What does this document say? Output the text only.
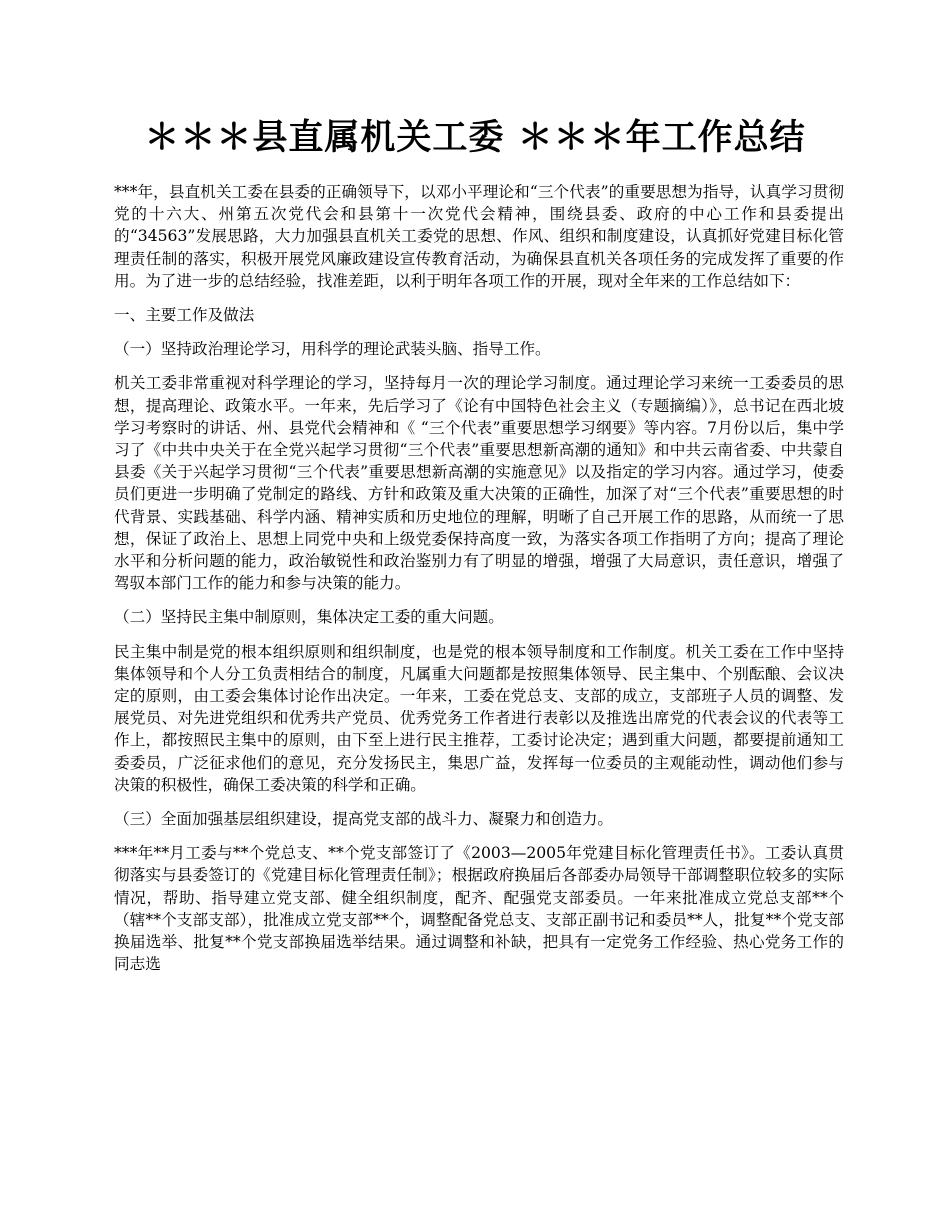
＊＊＊县直属机关工委 ＊＊＊年工作总结

***年，县直机关工委在县委的正确领导下，以邓小平理论和“三个代表”的重要思想为指导，认真学习贯彻党的十六大、州第五次党代会和县第十一次党代会精神，围绕县委、政府的中心工作和县委提出的“34563”发展思路，大力加强县直机关工委党的思想、作风、组织和制度建设，认真抓好党建目标化管理责任制的落实，积极开展党风廉政建设宣传教育活动，为确保县直机关各项任务的完成发挥了重要的作用。为了进一步的总结经验，找准差距，以利于明年各项工作的开展，现对全年来的工作总结如下：

一、主要工作及做法

（一）坚持政治理论学习，用科学的理论武装头脑、指导工作。

机关工委非常重视对科学理论的学习，坚持每月一次的理论学习制度。通过理论学习来统一工委委员的思想，提高理论、政策水平。一年来，先后学习了《论有中国特色社会主义（专题摘编）》，总书记在西北坡学习考察时的讲话、州、县党代会精神和《 “三个代表”重要思想学习纲要》等内容。7月份以后，集中学习了《中共中央关于在全党兴起学习贯彻“三个代表”重要思想新高潮的通知》和中共云南省委、中共蒙自县委《关于兴起学习贯彻“三个代表”重要思想新高潮的实施意见》以及指定的学习内容。通过学习，使委员们更进一步明确了党制定的路线、方针和政策及重大决策的正确性，加深了对“三个代表”重要思想的时代背景、实践基础、科学内涵、精神实质和历史地位的理解，明晰了自己开展工作的思路，从而统一了思想，保证了政治上、思想上同党中央和上级党委保持高度一致，为落实各项工作指明了方向；提高了理论水平和分析问题的能力，政治敏锐性和政治鉴别力有了明显的增强，增强了大局意识，责任意识，增强了驾驭本部门工作的能力和参与决策的能力。

（二）坚持民主集中制原则，集体决定工委的重大问题。

民主集中制是党的根本组织原则和组织制度，也是党的根本领导制度和工作制度。机关工委在工作中坚持集体领导和个人分工负责相结合的制度，凡属重大问题都是按照集体领导、民主集中、个别酝酿、会议决定的原则，由工委会集体讨论作出决定。一年来，工委在党总支、支部的成立，支部班子人员的调整、发展党员、对先进党组织和优秀共产党员、优秀党务工作者进行表彰以及推选出席党的代表会议的代表等工作上，都按照民主集中的原则，由下至上进行民主推荐，工委讨论决定；遇到重大问题，都要提前通知工委委员，广泛征求他们的意见，充分发扬民主，集思广益，发挥每一位委员的主观能动性，调动他们参与决策的积极性，确保工委决策的科学和正确。

（三）全面加强基层组织建设，提高党支部的战斗力、凝聚力和创造力。

***年**月工委与**个党总支、**个党支部签订了《2003—2005年党建目标化管理责任书》。工委认真贯彻落实与县委签订的《党建目标化管理责任制》；根据政府换届后各部委办局领导干部调整职位较多的实际情况，帮助、指导建立党支部、健全组织制度，配齐、配强党支部委员。一年来批准成立党总支部**个（辖**个支部支部），批准成立党支部**个，调整配备党总支、支部正副书记和委员**人，批复**个党支部换届选举、批复**个党支部换届选举结果。通过调整和补缺，把具有一定党务工作经验、热心党务工作的同志选
